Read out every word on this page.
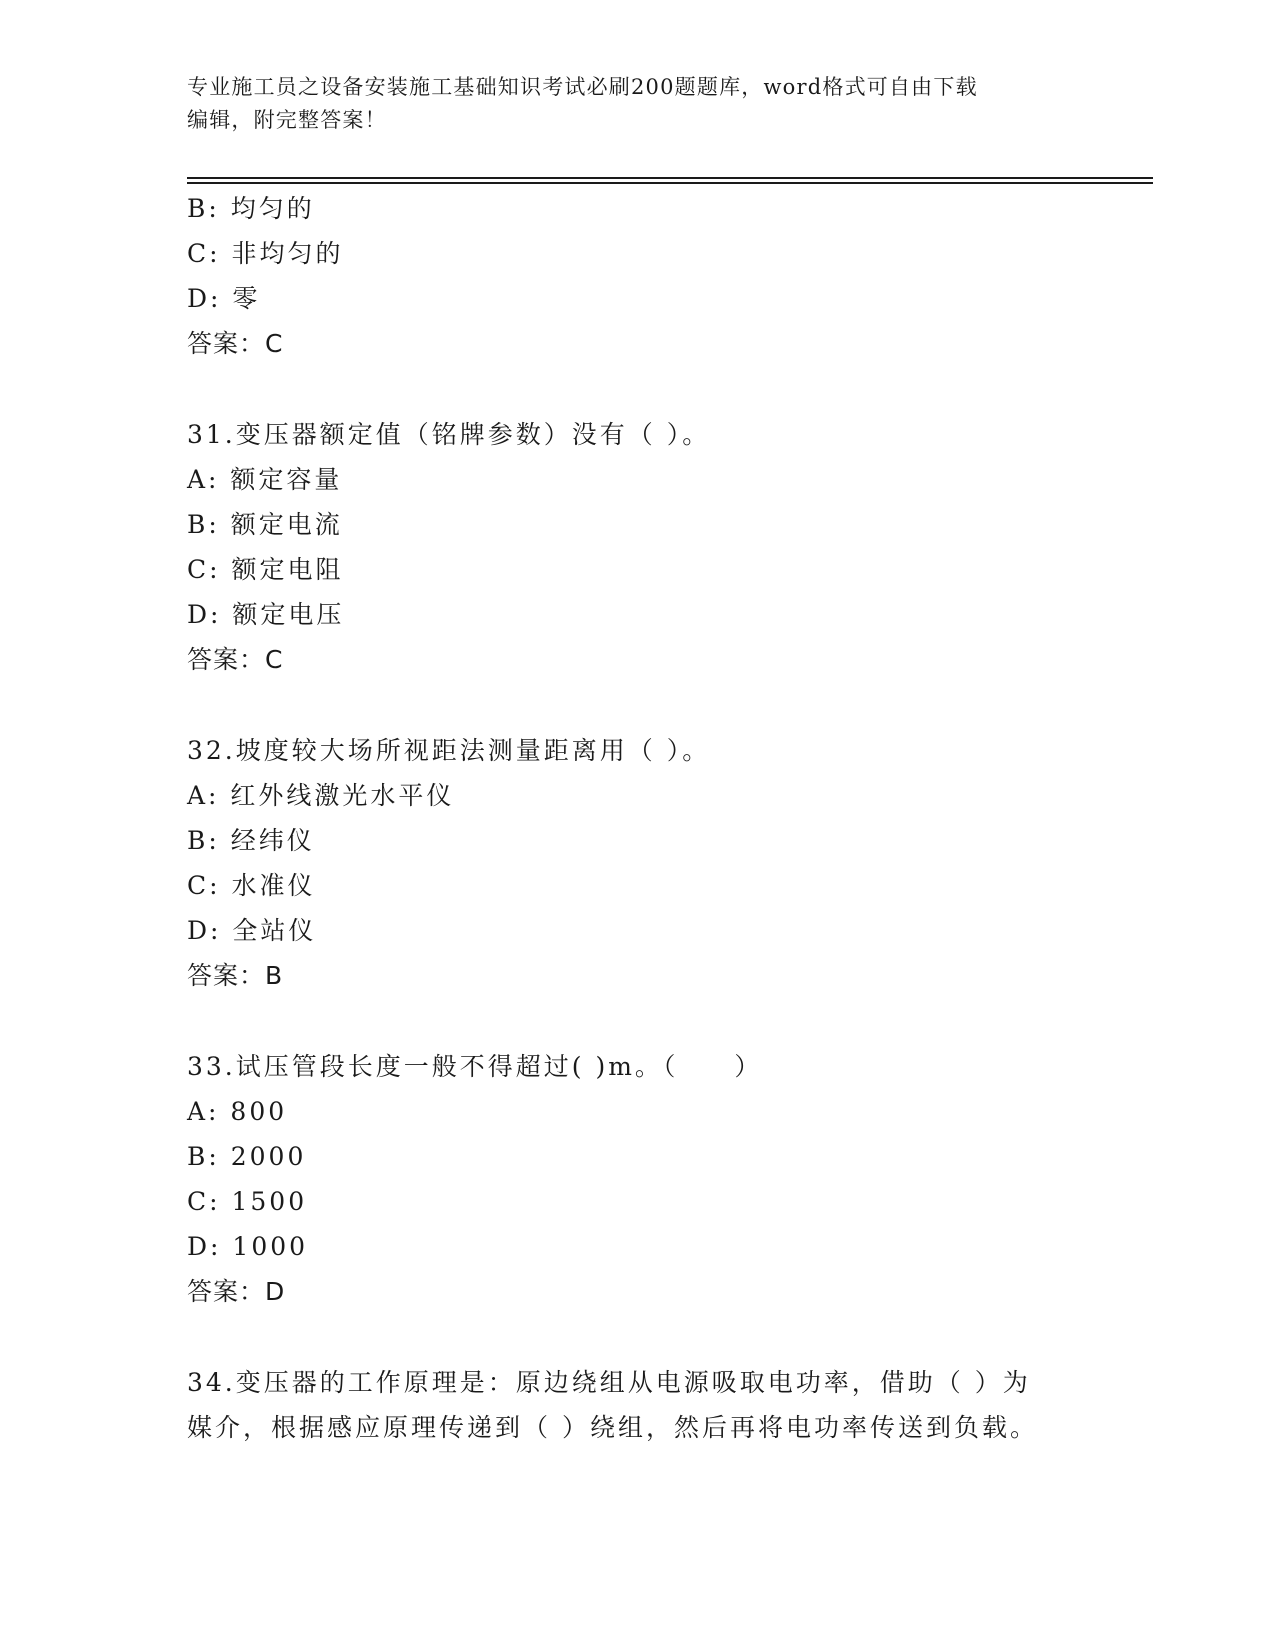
专业施工员之设备安装施工基础知识考试必刷200题题库，word格式可自由下载
编辑，附完整答案！
B: 均匀的
C: 非均匀的
D: 零
答案：C
31.变压器额定值（铭牌参数）没有（ ）。
A: 额定容量
B: 额定电流
C: 额定电阻
D: 额定电压
答案：C
32.坡度较大场所视距法测量距离用（ ）。
A: 红外线激光水平仪
B: 经纬仪
C: 水准仪
D: 全站仪
答案：B
33.试压管段长度一般不得超过( )m。（　　）
A: 800
B: 2000
C: 1500
D: 1000
答案：D
34.变压器的工作原理是：原边绕组从电源吸取电功率，借助（ ）为
媒介，根据感应原理传递到（ ）绕组，然后再将电功率传送到负载。
